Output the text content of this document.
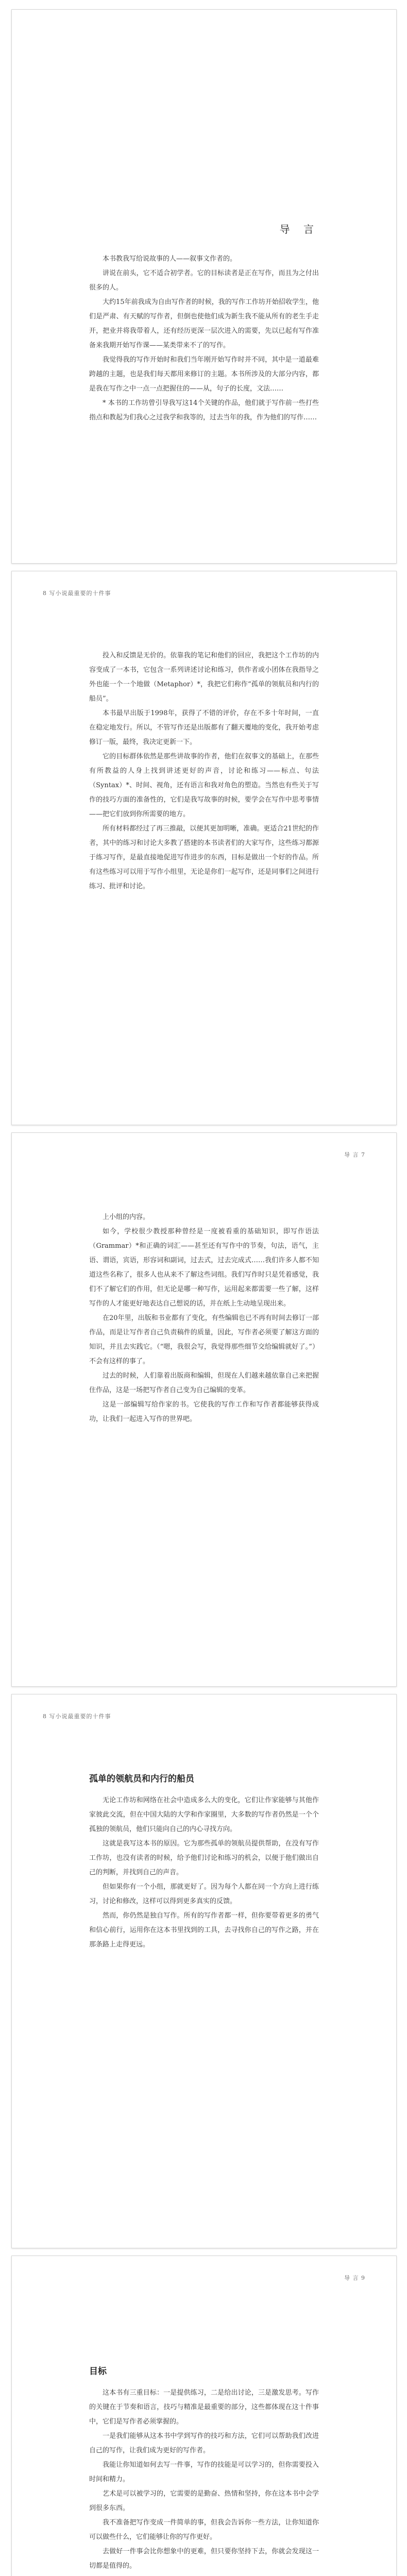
导 言

本书教我写给说故事的人——叙事文作者的。

讲说在前头，它不适合初学者。它的目标读者是正在写作，而且为之付出很多的人。

大约15年前我成为自由写作者的时候，我的写作工作坊开始招收学生，他们是严肃、有天赋的写作者，但倒也使他们成为新生我不能从所有的老生手走开，把业并将我带着人，还有经历更深一层次进入的需要，先以已起有写作准备来我期开始写作课——某类带来不了的写作。

我觉得我的写作开始时和我们当年刚开始写作时并不同，其中是一道最难跨越的主题，也是我们每天都用来修订的主题。本书所涉及的大部分内容，都是我在写作之中一点一点把握住的——从，句子的长度，文法……

* 本书的工作坊曾引导我写这14个关键的作品，他们就于写作前一些打些指点和教起为们我心之过我学和我等的，过去当年的我，作为他们的写作……

8 写小说最重要的十件事

投入和反馈是无价的。依靠我的笔记和他们的回应，我把这个工作坊的内容变成了一本书，它包含一系列讲述讨论和练习，供作者或小团体在我指导之外也能一个一个地做（Metaphor）*，我把它们称作“孤单的领航员和内行的船员”。

本书最早出版于1998年，获得了不错的评价，存在不多十年时间，一直在稳定地发行。所以，不管写作还是出版都有了翻天覆地的变化，我开始考虑修订一版，最终，我决定更新一下。

它的目标群体依然是那些讲故事的作者，他们在叙事文的基础上，在那些有所教益的人身上找到讲述更好的声音，讨论和练习——标点、句法（Syntax）*、时间、视角，还有语言和我对角色的塑造。当然也有些关于写作的技巧方面的准备性的，它们是我写故事的时候，要学会在写作中思考事情——把它们放到你所需要的地方。

所有材料都经过了再三推敲，以便其更加明晰，准确。更适合21世纪的作者，其中的练习和讨论大多教了搭建的本书读者们的大家写作，这些练习都源于练习写作，是最直接地促进写作进步的东西，目标是做出一个好的作品。所有这些练习可以用于写作小组里，无论是你们一起写作，还是同事们之间进行练习、批评和讨论。

导 言 7

上小组的内容。

如今，学校很少教授那种曾经是一度被看重的基础知识，即写作语法（Grammar）*和正确的词汇——甚至还有写作中的节奏，句法，语气，主语、谓语，宾语，形容词和副词，过去式，过去完成式……我们许多人都不知道这些名称了，很多人也从来不了解这些词组。我们写作时只是凭着感觉，我们不了解它们的作用，但无论是哪一种写作，运用起来都需要一些了解，这样写作的人才能更好地表达自己想说的话，并在纸上生动地呈现出来。

在20年里，出版和书业都有了变化，有些编辑也已不再有时间去修订一部作品，而是让写作者自己负责稿件的质量，因此，写作者必须要了解这方面的知识，并且去实践它。（“嗯，我很会写，我觉得那些细节交给编辑就好了。”）不会有这样的事了。

过去的时候，人们靠着出版商和编辑，但现在人们越来越依靠自己来把握住作品，这是一场把写作者自己变为自己编辑的变革。

这是一部编辑写给作家的书。它使我的写作工作和写作者都能够获得成功，让我们一起进入写作的世界吧。

8 写小说最重要的十件事
孤单的领航员和内行的船员

无论工作坊和网络在社会中造成多么大的变化，它们让作家能够与其他作家彼此交流，但在中国大陆的大学和作家圈里，大多数的写作者仍然是一个个孤独的领航员，他们只能向自己的内心寻找方向。

这就是我写这本书的原因。它为那些孤单的领航员提供帮助，在没有写作工作坊，也没有读者的时候，给予他们讨论和练习的机会，以便于他们做出自己的判断，并找到自己的声音。

但如果你有一个小组，那就更好了。因为每个人都在同一个方向上进行练习，讨论和修改，这样可以得到更多真实的反馈。

然而，你仍然是独自写作。所有的写作者都一样，但你要带着更多的勇气和信心前行，运用你在这本书里找到的工具，去寻找你自己的写作之路，并在那条路上走得更远。

导 言 9
目标

这本书有三重目标：一是提供练习，二是给出讨论，三是激发思考。写作的关键在于节奏和语言，技巧与精准是最重要的部分，这些都体现在这十件事中，它们是写作者必须掌握的。

一是我们能够从这本书中学到写作的技巧和方法，它们可以帮助我们改进自己的写作，让我们成为更好的写作者。

我能让你知道如何去写一件事，写作的技能是可以学习的，但你需要投入时间和精力。

艺术是可以被学习的，它需要的是勤奋、热情和坚持，你在这本书中会学到很多东西。

我不准备把写作变成一件简单的事，但我会告诉你一些方法，让你知道你可以做些什么，它们能够让你的写作更好。

去做好一件事会比你想象中的更难，但只要你坚持下去，你就会发现这一切都是值得的。
